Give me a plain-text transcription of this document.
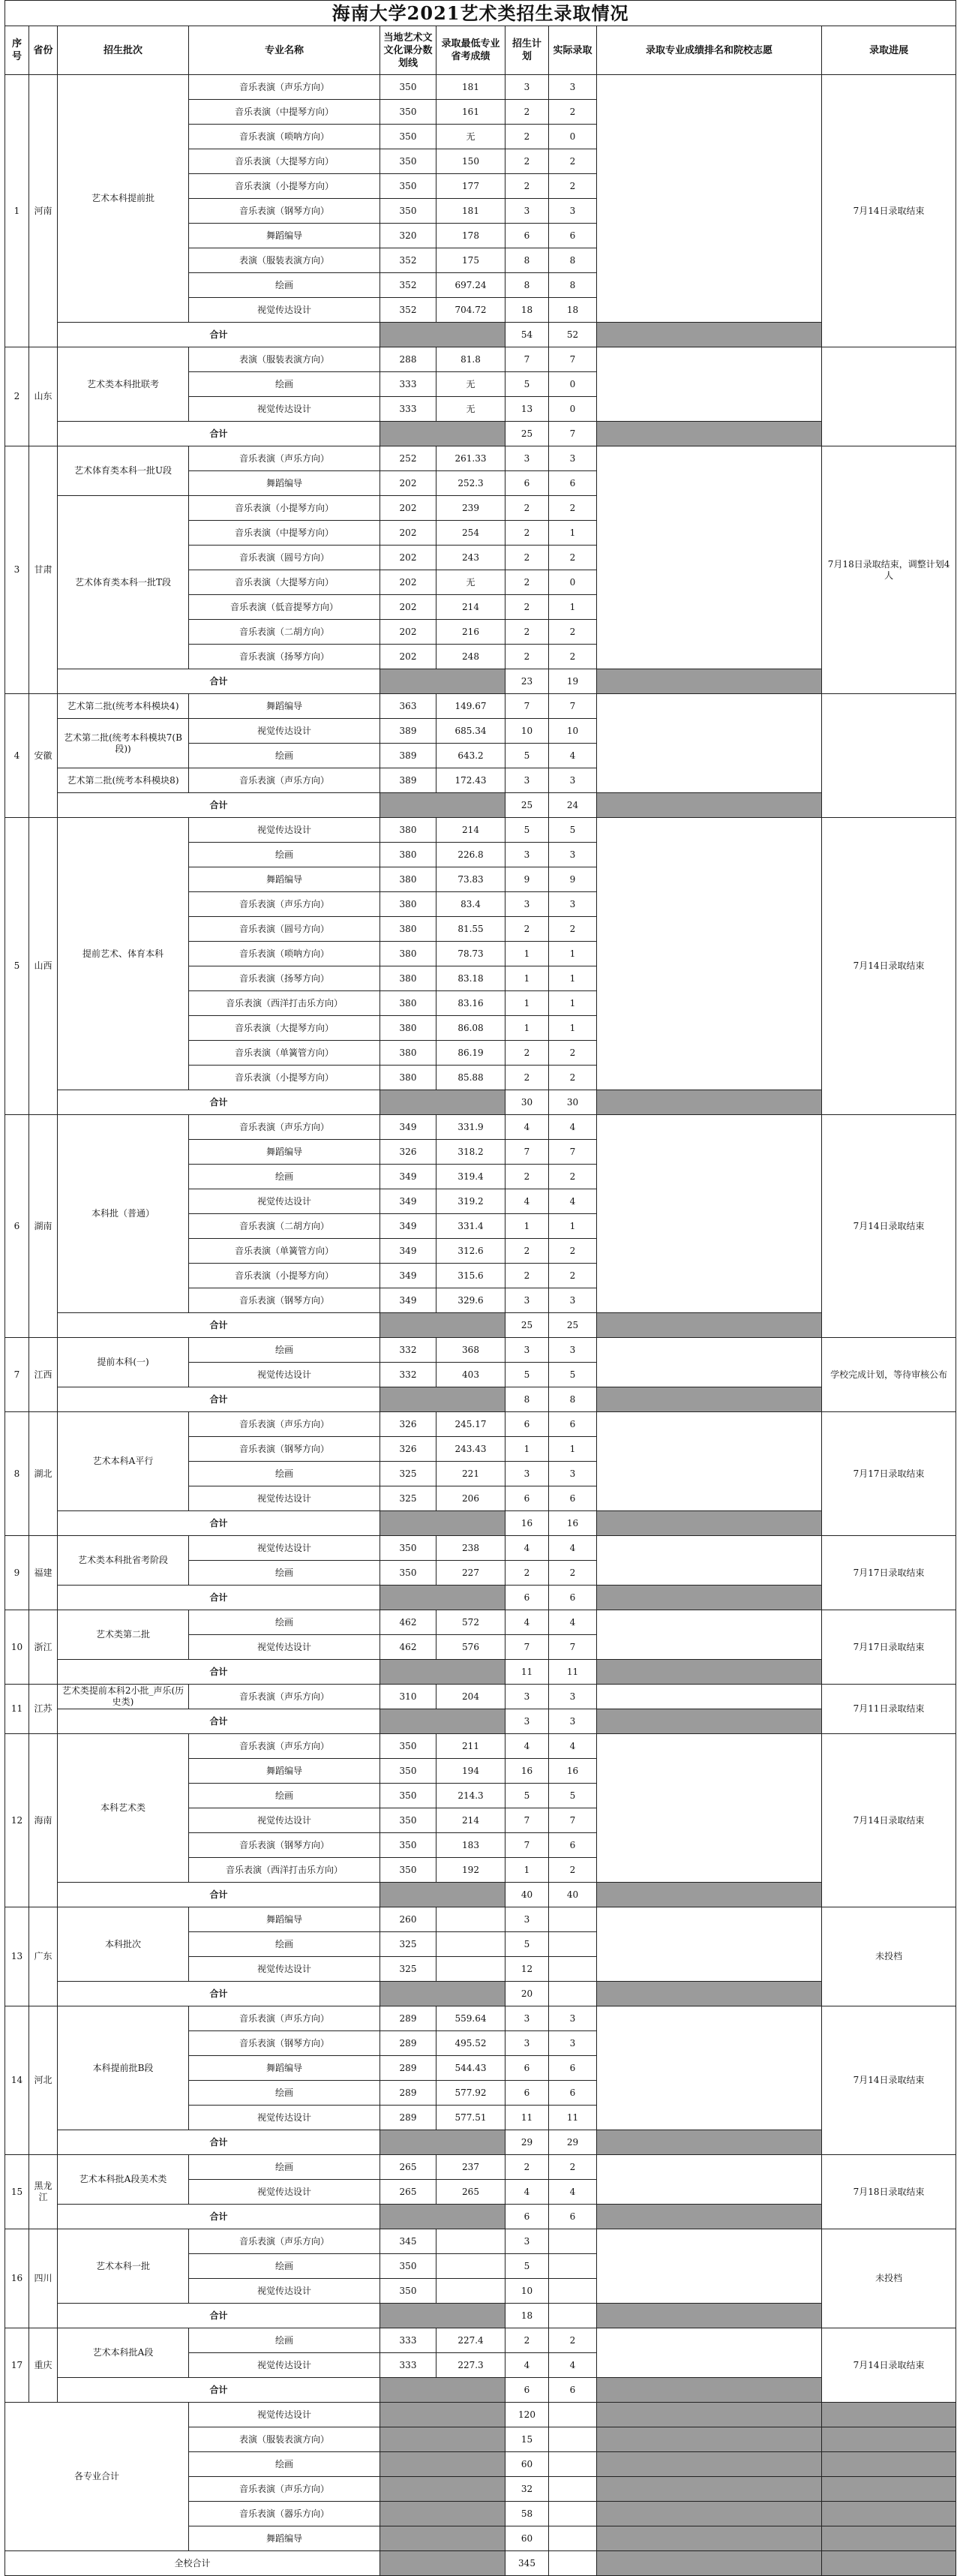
海南大学2021艺术类招生录取情况									
序号	省份	招生批次	专业名称	当地艺术文文化课分数划线	录取最低专业省考成绩	招生计划	实际录取	录取专业成绩排名和院校志愿	录取进展
1	河南	艺术本科提前批	音乐表演（声乐方向）	350	181	3	3		7月14日录取结束
			音乐表演（中提琴方向）	350	161	2	2		
			音乐表演（唢呐方向）	350	无	2	0		
			音乐表演（大提琴方向）	350	150	2	2		
			音乐表演（小提琴方向）	350	177	2	2		
			音乐表演（钢琴方向）	350	181	3	3		
			舞蹈编导	320	178	6	6		
			表演（服装表演方向）	352	175	8	8		
			绘画	352	697.24	8	8		
			视觉传达设计	352	704.72	18	18		
		合计				54	52		
2	山东	艺术类本科批联考	表演（服装表演方向）	288	81.8	7	7		
			绘画	333	无	5	0		
			视觉传达设计	333	无	13	0		
		合计				25	7		
3	甘肃	艺术体育类本科一批U段	音乐表演（声乐方向）	252	261.33	3	3		7月18日录取结束，调整计划4人
			舞蹈编导	202	252.3	6	6		
		艺术体育类本科一批T段	音乐表演（小提琴方向）	202	239	2	2		
			音乐表演（中提琴方向）	202	254	2	1		
			音乐表演（圆号方向）	202	243	2	2		
			音乐表演（大提琴方向）	202	无	2	0		
			音乐表演（低音提琴方向）	202	214	2	1		
			音乐表演（二胡方向）	202	216	2	2		
			音乐表演（扬琴方向）	202	248	2	2		
		合计				23	19		
4	安徽	艺术第二批(统考本科模块4)	舞蹈编导	363	149.67	7	7		
		艺术第二批(统考本科模块7(B段))	视觉传达设计	389	685.34	10	10		
			绘画	389	643.2	5	4		
		艺术第二批(统考本科模块8)	音乐表演（声乐方向）	389	172.43	3	3		
		合计				25	24		
5	山西	提前艺术、体育本科	视觉传达设计	380	214	5	5		7月14日录取结束
			绘画	380	226.8	3	3		
			舞蹈编导	380	73.83	9	9		
			音乐表演（声乐方向）	380	83.4	3	3		
			音乐表演（圆号方向）	380	81.55	2	2		
			音乐表演（唢呐方向）	380	78.73	1	1		
			音乐表演（扬琴方向）	380	83.18	1	1		
			音乐表演（西洋打击乐方向）	380	83.16	1	1		
			音乐表演（大提琴方向）	380	86.08	1	1		
			音乐表演（单簧管方向）	380	86.19	2	2		
			音乐表演（小提琴方向）	380	85.88	2	2		
		合计				30	30		
6	湖南	本科批（普通）	音乐表演（声乐方向）	349	331.9	4	4		7月14日录取结束
			舞蹈编导	326	318.2	7	7		
			绘画	349	319.4	2	2		
			视觉传达设计	349	319.2	4	4		
			音乐表演（二胡方向）	349	331.4	1	1		
			音乐表演（单簧管方向）	349	312.6	2	2		
			音乐表演（小提琴方向）	349	315.6	2	2		
			音乐表演（钢琴方向）	349	329.6	3	3		
		合计				25	25		
7	江西	提前本科(一)	绘画	332	368	3	3		学校完成计划，等待审核公布
			视觉传达设计	332	403	5	5		
		合计				8	8		
8	湖北	艺术本科A平行	音乐表演（声乐方向）	326	245.17	6	6		7月17日录取结束
			音乐表演（钢琴方向）	326	243.43	1	1		
			绘画	325	221	3	3		
			视觉传达设计	325	206	6	6		
		合计				16	16		
9	福建	艺术类本科批省考阶段	视觉传达设计	350	238	4	4		7月17日录取结束
			绘画	350	227	2	2		
		合计				6	6		
10	浙江	艺术类第二批	绘画	462	572	4	4		7月17日录取结束
			视觉传达设计	462	576	7	7		
		合计				11	11		
11	江苏	艺术类提前本科2小批_声乐(历史类)	音乐表演（声乐方向）	310	204	3	3		7月11日录取结束
		合计				3	3		
12	海南	本科艺术类	音乐表演（声乐方向）	350	211	4	4		7月14日录取结束
			舞蹈编导	350	194	16	16		
			绘画	350	214.3	5	5		
			视觉传达设计	350	214	7	7		
			音乐表演（钢琴方向）	350	183	7	6		
			音乐表演（西洋打击乐方向）	350	192	1	2		
		合计				40	40		
13	广东	本科批次	舞蹈编导	260		3			未投档
			绘画	325		5			
			视觉传达设计	325		12			
		合计				20			
14	河北	本科提前批B段	音乐表演（声乐方向）	289	559.64	3	3		7月14日录取结束
			音乐表演（钢琴方向）	289	495.52	3	3		
			舞蹈编导	289	544.43	6	6		
			绘画	289	577.92	6	6		
			视觉传达设计	289	577.51	11	11		
		合计				29	29		
15	黑龙江	艺术本科批A段美术类	绘画	265	237	2	2		7月18日录取结束
			视觉传达设计	265	265	4	4		
		合计				6	6		
16	四川	艺术本科一批	音乐表演（声乐方向）	345		3			未投档
			绘画	350		5			
			视觉传达设计	350		10			
		合计				18			
17	重庆	艺术本科批A段	绘画	333	227.4	2	2		7月14日录取结束
			视觉传达设计	333	227.3	4	4		
		合计				6	6		
各专业合计			视觉传达设计			120			
			表演（服装表演方向）			15			
			绘画			60			
			音乐表演（声乐方向）			32			
			音乐表演（器乐方向）			58			
			舞蹈编导			60			
全校合计						345			
